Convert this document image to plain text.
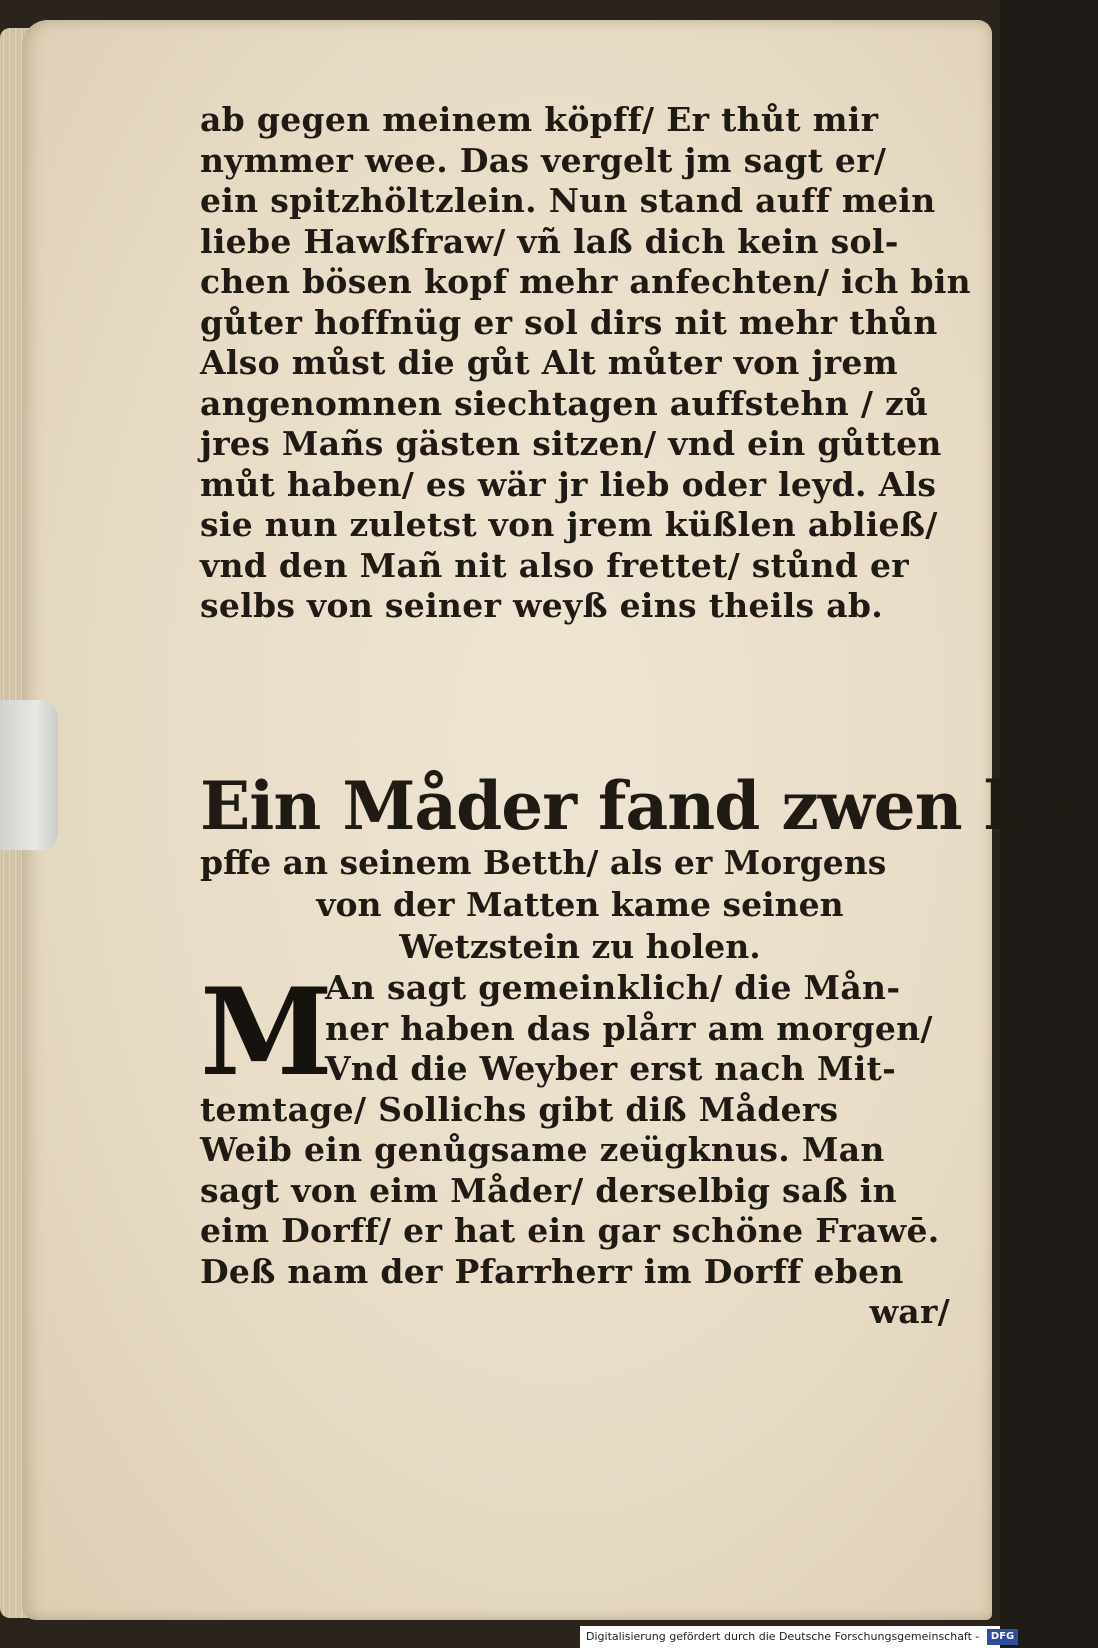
ab gegen meinem köpff/ Er thůt mir
nymmer wee. Das vergelt jm sagt er/
ein spitzhöltzlein. Nun stand auff mein
liebe Hawßfraw/ vñ laß dich kein sol-
chen bösen kopf mehr anfechten/ ich bin
gůter hoffnüg er sol dirs nit mehr thůn
Also můst die gůt Alt můter von jrem
angenomnen siechtagen auffstehn / zů
jres Mañs gästen sitzen/ vnd ein gůtten
můt haben/ es wär jr lieb oder leyd. Als
sie nun zuletst von jrem küßlen abließ/
vnd den Mañ nit also frettet/ stůnd er
selbs von seiner weyß eins theils ab.
Ein Måder fand zwen kö-
pffe an seinem Betth/ als er Morgens
von der Matten kame seinen
Wetzstein zu holen.
M
An sagt gemeinklich/ die Mån-
ner haben das plårr am morgen/
Vnd die Weyber erst nach Mit-
temtage/ Sollichs gibt diß Måders
Weib ein genůgsame zeügknus. Man
sagt von eim Måder/ derselbig saß in
eim Dorff/ er hat ein gar schöne Frawē.
Deß nam der Pfarrherr im Dorff eben
war/
Digitalisierung gefördert durch die Deutsche Forschungsgemeinschaft - DFG
